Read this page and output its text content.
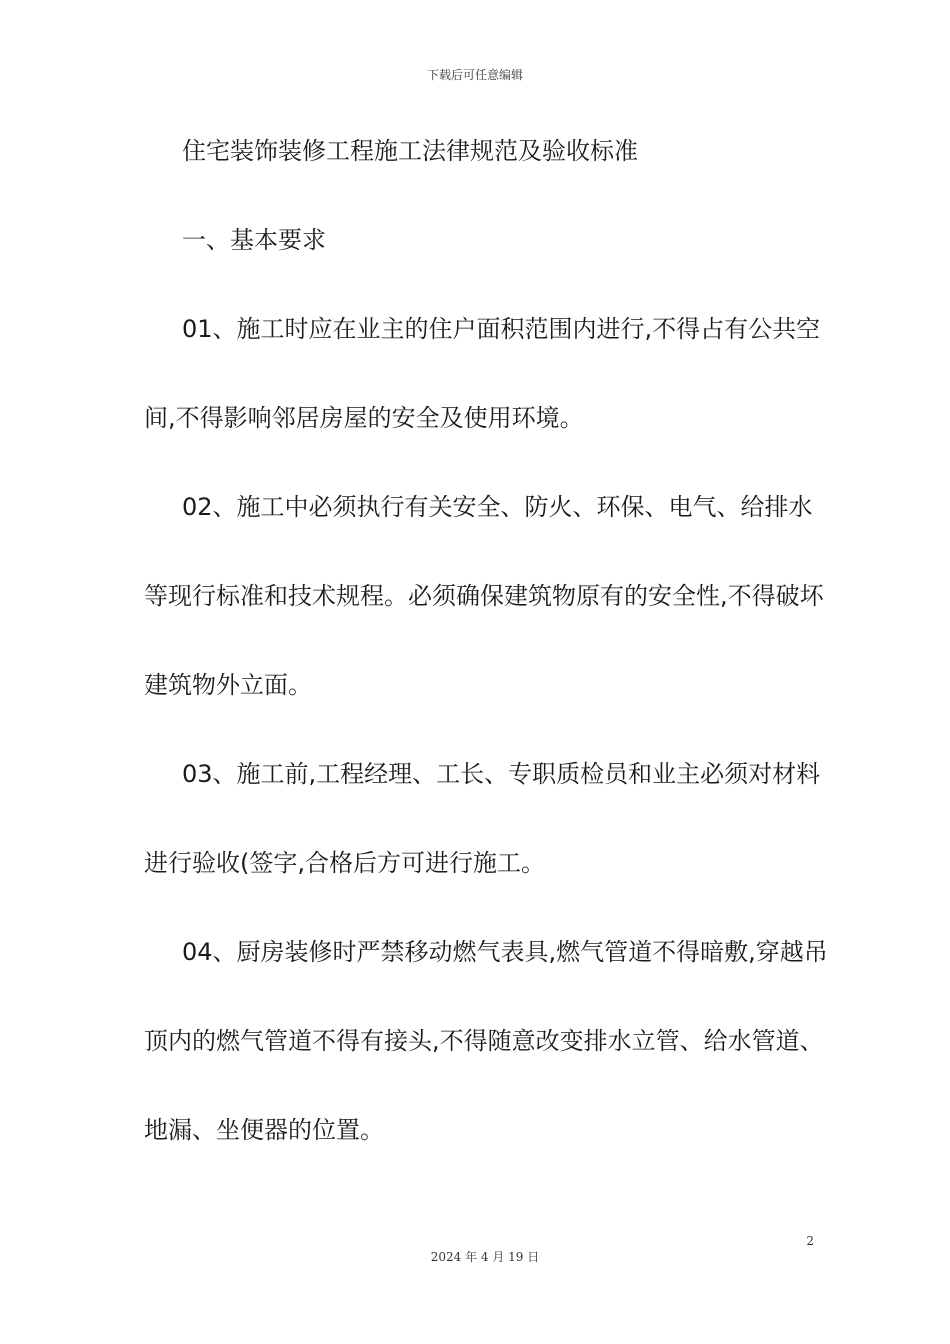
下载后可任意编辑
住宅装饰装修工程施工法律规范及验收标准
一、基本要求
01、施工时应在业主的住户面积范围内进行,不得占有公共空
间,不得影响邻居房屋的安全及使用环境。
02、施工中必须执行有关安全、防火、环保、电气、给排水
等现行标准和技术规程。必须确保建筑物原有的安全性,不得破坏
建筑物外立面。
03、施工前,工程经理、工长、专职质检员和业主必须对材料
进行验收(签字,合格后方可进行施工。
04、厨房装修时严禁移动燃气表具,燃气管道不得暗敷,穿越吊
顶内的燃气管道不得有接头,不得随意改变排水立管、给水管道、
地漏、坐便器的位置。
2
2024 年 4 月 19 日
